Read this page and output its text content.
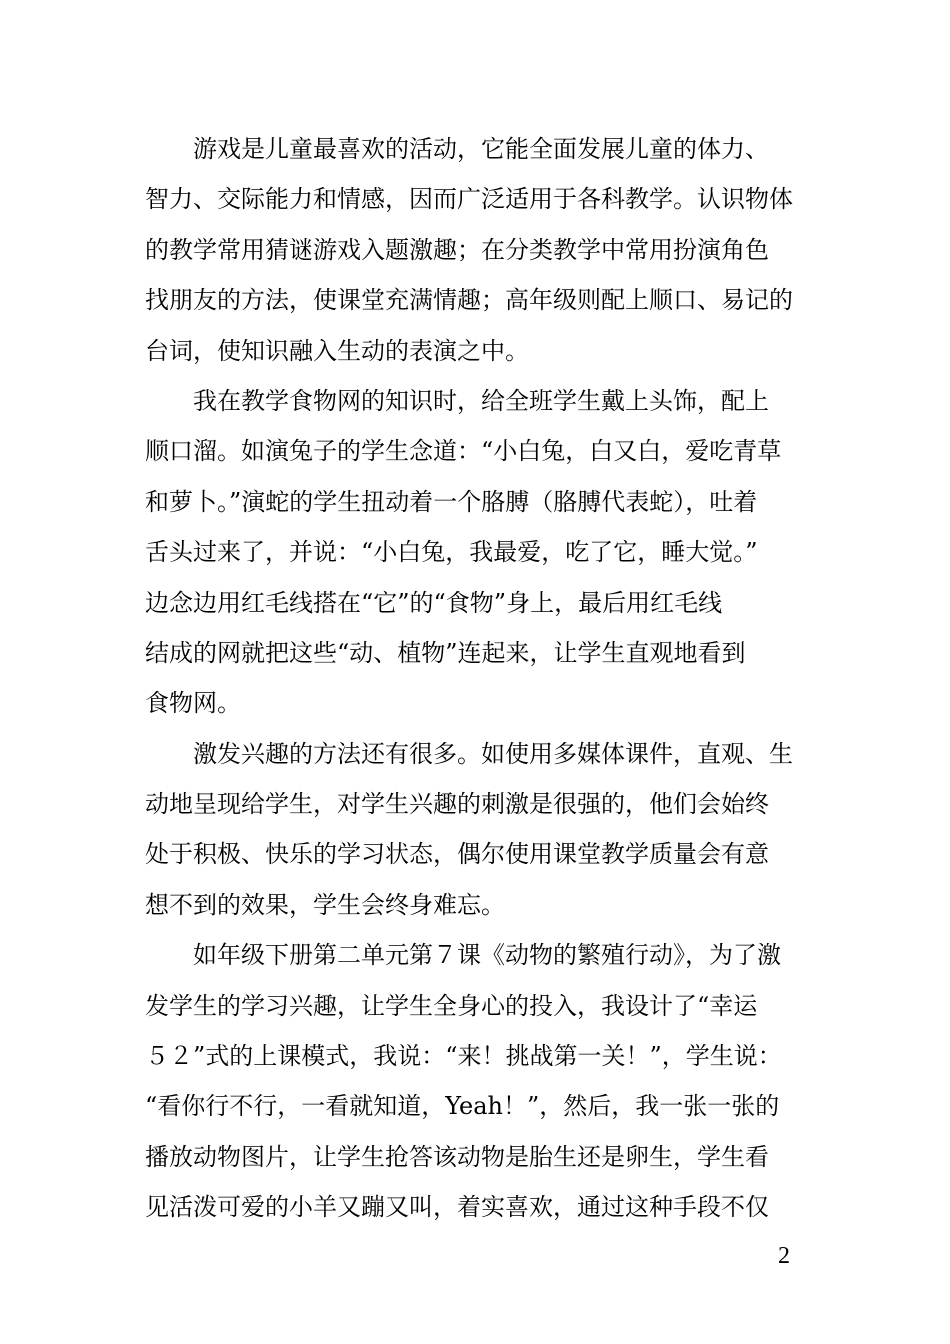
　　游戏是儿童最喜欢的活动，它能全面发展儿童的体力、
智力、交际能力和情感，因而广泛适用于各科教学。认识物体
的教学常用猜谜游戏入题激趣；在分类教学中常用扮演角色
找朋友的方法，使课堂充满情趣；高年级则配上顺口、易记的
台词，使知识融入生动的表演之中。
　　我在教学食物网的知识时，给全班学生戴上头饰，配上
顺口溜。如演兔子的学生念道：“小白兔，白又白，爱吃青草
和萝卜。”演蛇的学生扭动着一个胳膊（胳膊代表蛇），吐着
舌头过来了，并说：“小白兔，我最爱，吃了它，睡大觉。”
边念边用红毛线搭在“它”的“食物”身上，最后用红毛线
结成的网就把这些“动、植物”连起来，让学生直观地看到
食物网。
　　激发兴趣的方法还有很多。如使用多媒体课件，直观、生
动地呈现给学生，对学生兴趣的刺激是很强的，他们会始终
处于积极、快乐的学习状态，偶尔使用课堂教学质量会有意
想不到的效果，学生会终身难忘。
　　如年级下册第二单元第７课《动物的繁殖行动》，为了激
发学生的学习兴趣，让学生全身心的投入，我设计了“幸运
５２”式的上课模式，我说：“来！挑战第一关！”，学生说：
“看你行不行，一看就知道，Yeah！”，然后，我一张一张的
播放动物图片，让学生抢答该动物是胎生还是卵生，学生看
见活泼可爱的小羊又蹦又叫，着实喜欢，通过这种手段不仅
2
